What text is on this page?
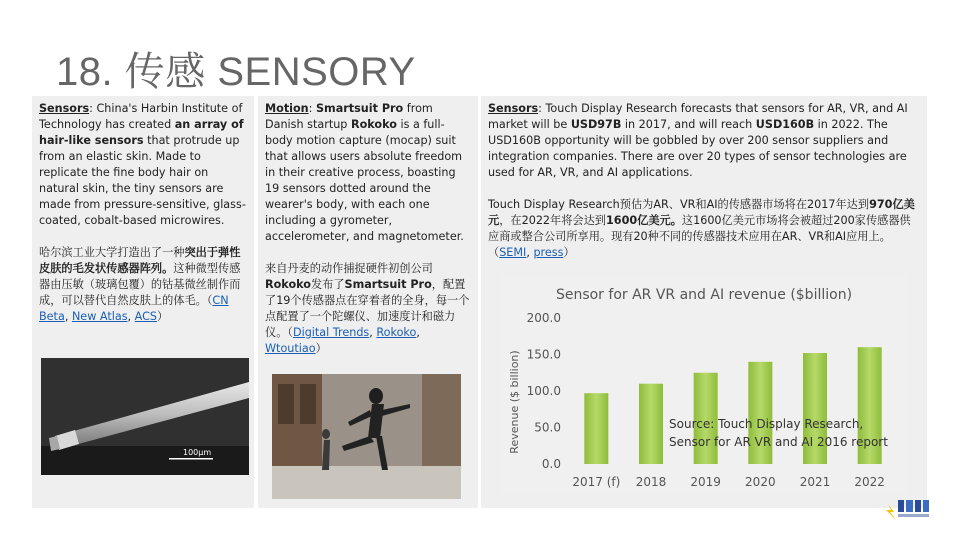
18. 传感 SENSORY

Sensors: China's Harbin Institute of Technology has created an array of hair-like sensors that protrude up from an elastic skin. Made to replicate the fine body hair on natural skin, the tiny sensors are made from pressure-sensitive, glass-coated, cobalt-based microwires.

哈尔滨工业大学打造出了一种突出于弹性皮肤的毛发状传感器阵列。这种微型传感器由压敏（玻璃包覆）的钴基微丝制作而成，可以替代自然皮肤上的体毛。（CN Beta, New Atlas, ACS）

100μm

Motion: Smartsuit Pro from Danish startup Rokoko is a full-body motion capture (mocap) suit that allows users absolute freedom in their creative process, boasting 19 sensors dotted around the wearer's body, with each one including a gyrometer, accelerometer, and magnetometer.

来自丹麦的动作捕捉硬件初创公司Rokoko发布了Smartsuit Pro，配置了19个传感器点在穿着者的全身，每一个点配置了一个陀螺仪、加速度计和磁力仪。（Digital Trends, Rokoko, Wtoutiao）

Sensors: Touch Display Research forecasts that sensors for AR, VR, and AI market will be USD97B in 2017, and will reach USD160B in 2022. The USD160B opportunity will be gobbled by over 200 sensor suppliers and integration companies. There are over 20 types of sensor technologies are used for AR, VR, and AI applications.

Touch Display Research预估为AR、VR和AI的传感器市场将在2017年达到970亿美元，在2022年将会达到1600亿美元。这1600亿美元市场将会被超过200家传感器供应商或整合公司所享用。现有20种不同的传感器技术应用在AR、VR和AI应用上。（SEMI, press）

Sensor for AR VR and AI revenue ($billion)
Revenue ($ billion)
0.0
50.0
100.0
150.0
200.0
2017 (f) 2018 2019 2020 2021 2022
Source: Touch Display Research,
Sensor for AR VR and AI 2016 report
